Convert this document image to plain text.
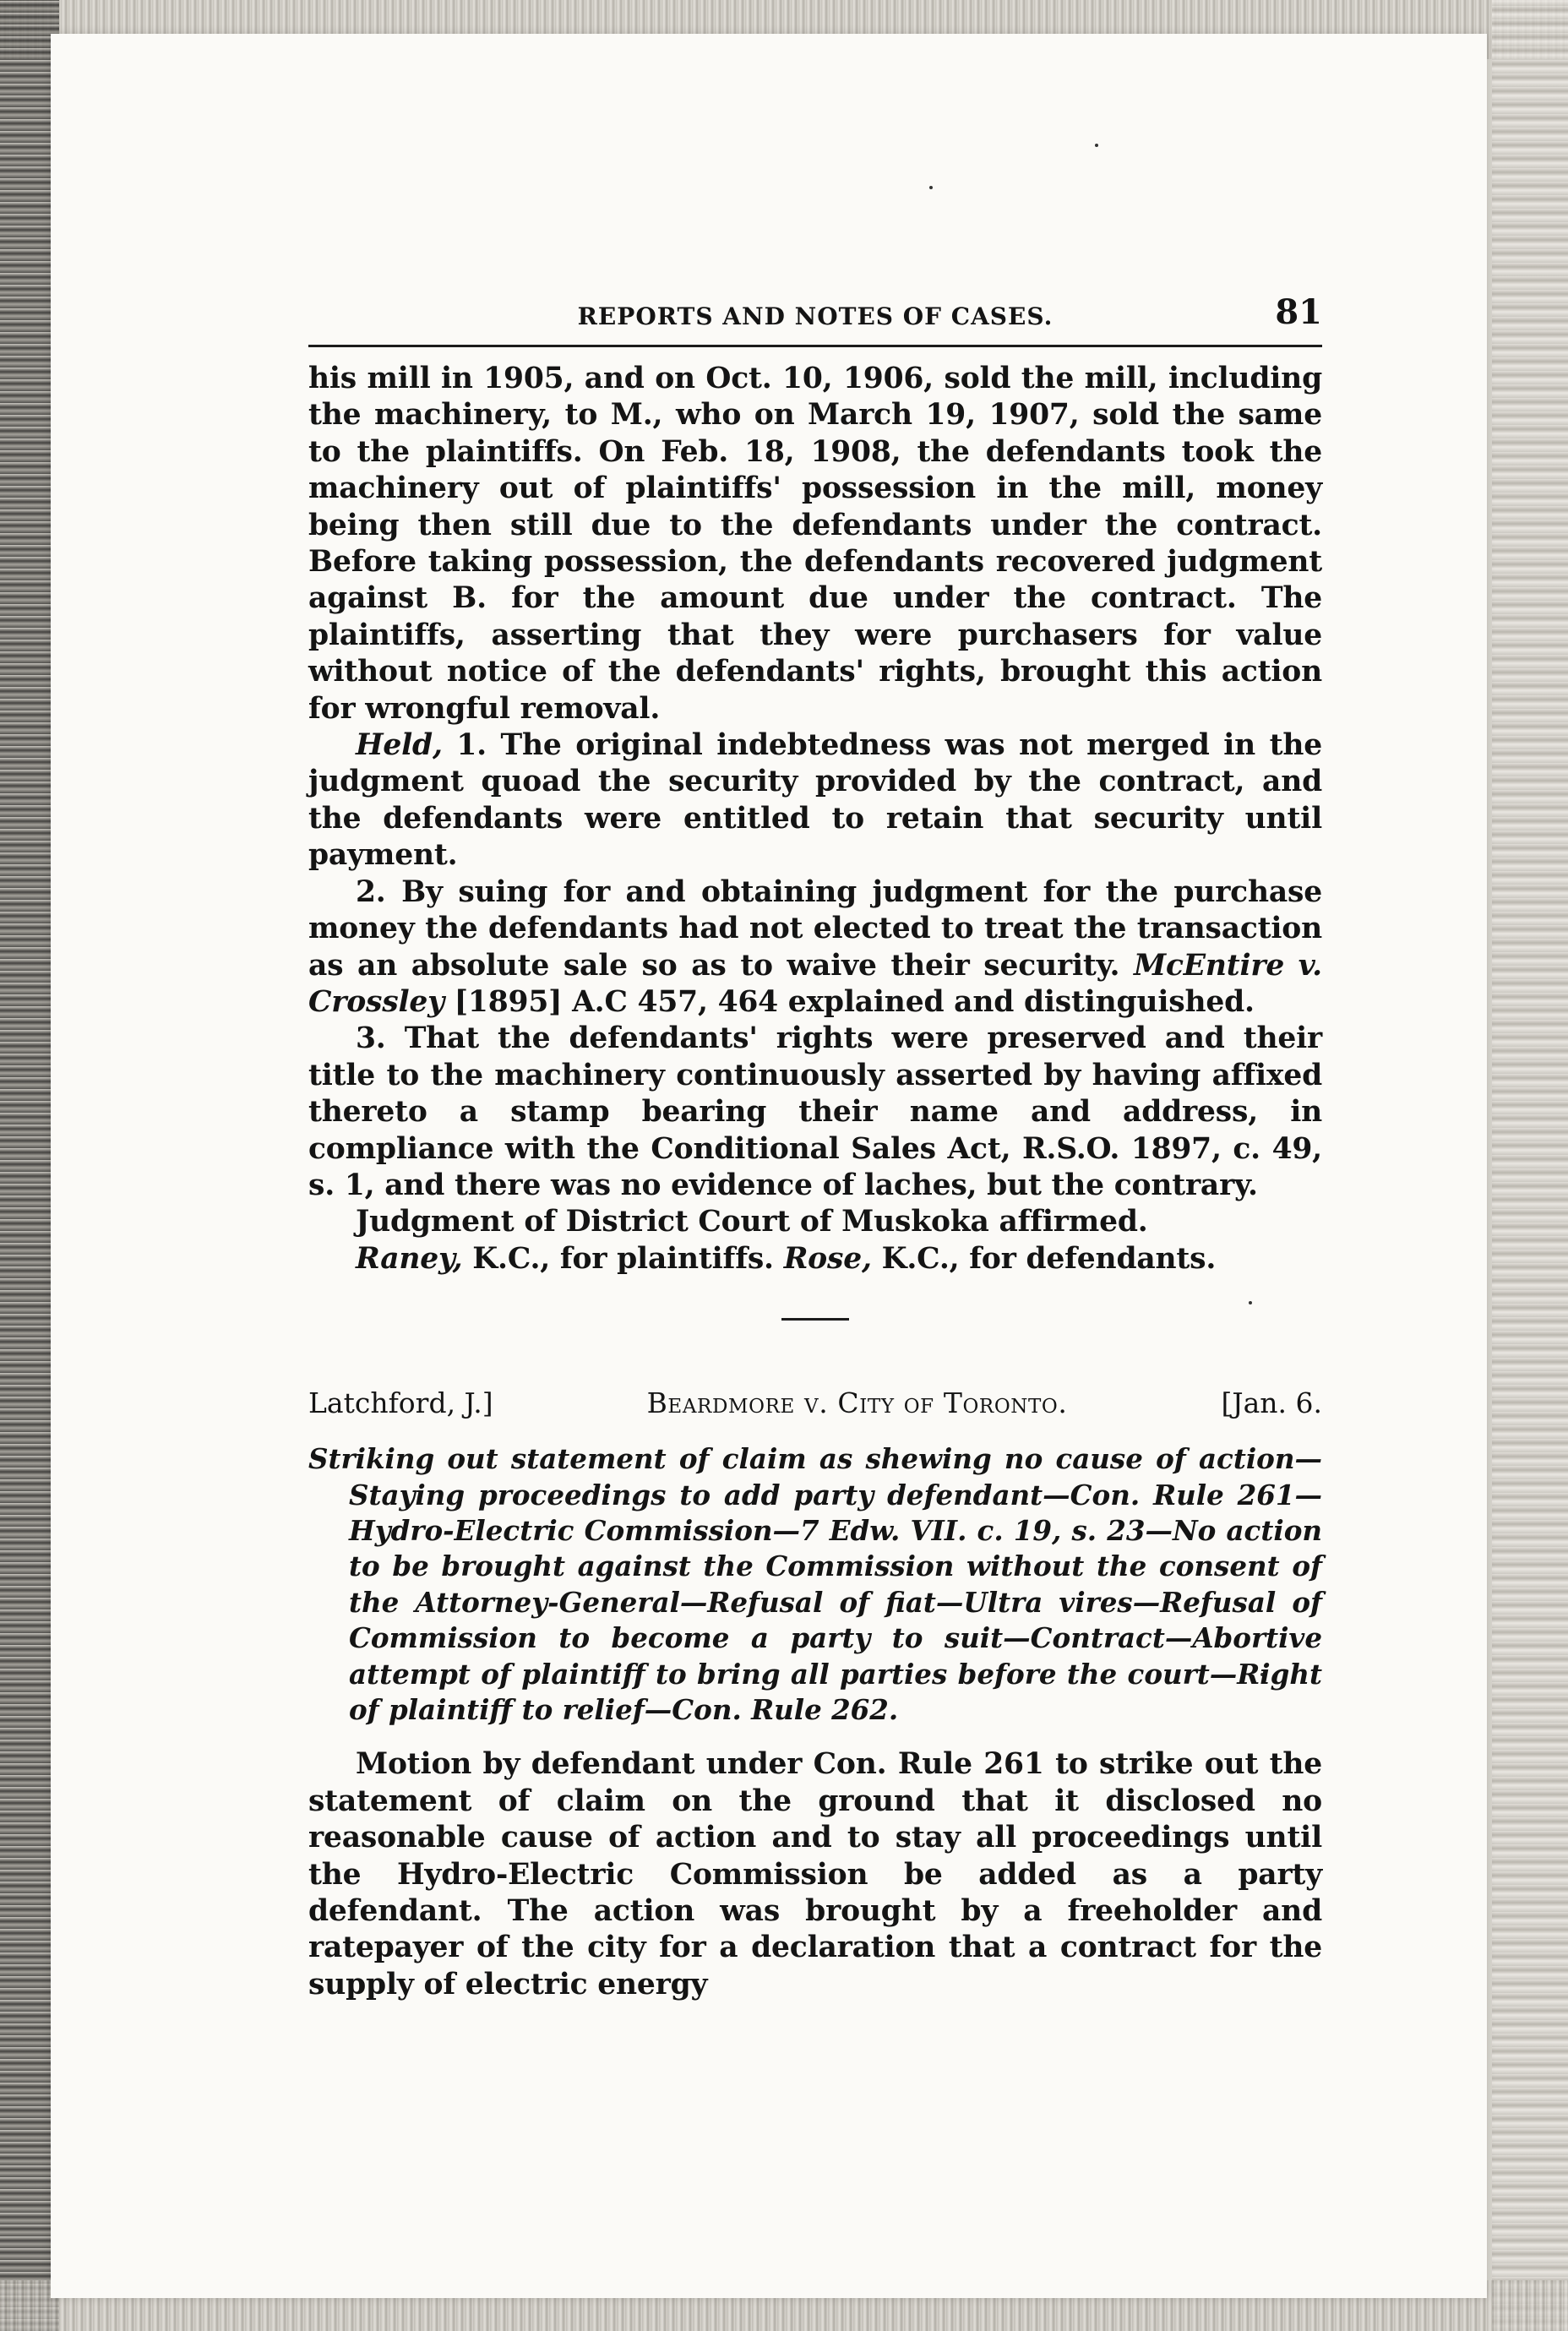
REPORTS AND NOTES OF CASES.	81

his mill in 1905, and on Oct. 10, 1906, sold the mill, including the machinery, to M., who on March 19, 1907, sold the same to the plaintiffs. On Feb. 18, 1908, the defendants took the machinery out of plaintiffs' possession in the mill, money being then still due to the defendants under the contract. Before taking possession, the defendants recovered judgment against B. for the amount due under the contract. The plaintiffs, asserting that they were purchasers for value without notice of the defendants' rights, brought this action for wrongful removal.

Held, 1. The original indebtedness was not merged in the judgment quoad the security provided by the contract, and the defendants were entitled to retain that security until payment.

2. By suing for and obtaining judgment for the purchase money the defendants had not elected to treat the transaction as an absolute sale so as to waive their security. McEntire v. Crossley [1895] A.C 457, 464 explained and distinguished.

3. That the defendants' rights were preserved and their title to the machinery continuously asserted by having affixed thereto a stamp bearing their name and address, in compliance with the Conditional Sales Act, R.S.O. 1897, c. 49, s. 1, and there was no evidence of laches, but the contrary.

Judgment of District Court of Muskoka affirmed.

Raney, K.C., for plaintiffs. Rose, K.C., for defendants.

Latchford, J.]	Beardmore v. City of Toronto.	[Jan. 6.
Striking out statement of claim as shewing no cause of action—Staying proceedings to add party defendant—Con. Rule 261—Hydro-Electric Commission—7 Edw. VII. c. 19, s. 23—No action to be brought against the Commission without the consent of the Attorney-General—Refusal of fiat—Ultra vires—Refusal of Commission to become a party to suit—Contract—Abortive attempt of plaintiff to bring all parties before the court—Right of plaintiff to relief—Con. Rule 262.
Motion by defendant under Con. Rule 261 to strike out the statement of claim on the ground that it disclosed no reasonable cause of action and to stay all proceedings until the Hydro-Electric Commission be added as a party defendant. The action was brought by a freeholder and ratepayer of the city for a declaration that a contract for the supply of electric energy
